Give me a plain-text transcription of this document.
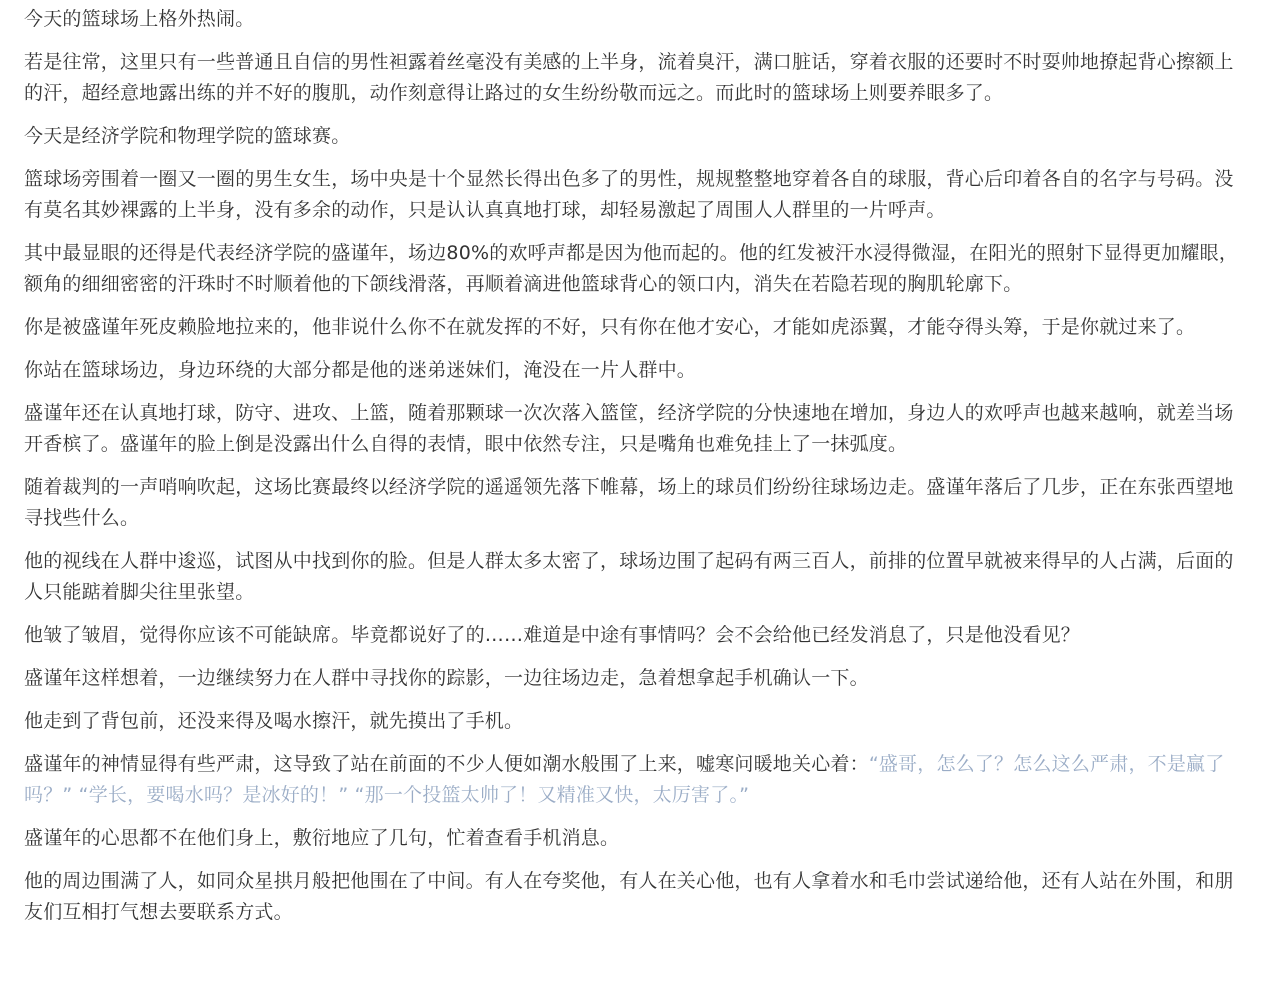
今天的篮球场上格外热闹。

若是往常，这里只有一些普通且自信的男性袒露着丝毫没有美感的上半身，流着臭汗，满口脏话，穿着衣服的还要时不时耍帅地撩起背心擦额上的汗，超经意地露出练的并不好的腹肌，动作刻意得让路过的女生纷纷敬而远之。而此时的篮球场上则要养眼多了。

今天是经济学院和物理学院的篮球赛。

篮球场旁围着一圈又一圈的男生女生，场中央是十个显然长得出色多了的男性，规规整整地穿着各自的球服，背心后印着各自的名字与号码。没有莫名其妙裸露的上半身，没有多余的动作，只是认认真真地打球，却轻易激起了周围人人群里的一片呼声。

其中最显眼的还得是代表经济学院的盛谨年，场边80%的欢呼声都是因为他而起的。他的红发被汗水浸得微湿，在阳光的照射下显得更加耀眼，额角的细细密密的汗珠时不时顺着他的下颌线滑落，再顺着滴进他篮球背心的领口内，消失在若隐若现的胸肌轮廓下。

你是被盛谨年死皮赖脸地拉来的，他非说什么你不在就发挥的不好，只有你在他才安心，才能如虎添翼，才能夺得头筹，于是你就过来了。

你站在篮球场边，身边环绕的大部分都是他的迷弟迷妹们，淹没在一片人群中。

盛谨年还在认真地打球，防守、进攻、上篮，随着那颗球一次次落入篮筐，经济学院的分快速地在增加，身边人的欢呼声也越来越响，就差当场开香槟了。盛谨年的脸上倒是没露出什么自得的表情，眼中依然专注，只是嘴角也难免挂上了一抹弧度。

随着裁判的一声哨响吹起，这场比赛最终以经济学院的遥遥领先落下帷幕，场上的球员们纷纷往球场边走。盛谨年落后了几步，正在东张西望地寻找些什么。

他的视线在人群中逡巡，试图从中找到你的脸。但是人群太多太密了，球场边围了起码有两三百人，前排的位置早就被来得早的人占满，后面的人只能踮着脚尖往里张望。

他皱了皱眉，觉得你应该不可能缺席。毕竟都说好了的……难道是中途有事情吗？会不会给他已经发消息了，只是他没看见？

盛谨年这样想着，一边继续努力在人群中寻找你的踪影，一边往场边走，急着想拿起手机确认一下。

他走到了背包前，还没来得及喝水擦汗，就先摸出了手机。

盛谨年的神情显得有些严肃，这导致了站在前面的不少人便如潮水般围了上来，嘘寒问暖地关心着：“盛哥，怎么了？怎么这么严肃，不是赢了吗？” “学长，要喝水吗？是冰好的！” “那一个投篮太帅了！又精准又快，太厉害了。”

盛谨年的心思都不在他们身上，敷衍地应了几句，忙着查看手机消息。

他的周边围满了人，如同众星拱月般把他围在了中间。有人在夸奖他，有人在关心他，也有人拿着水和毛巾尝试递给他，还有人站在外围，和朋友们互相打气想去要联系方式。
